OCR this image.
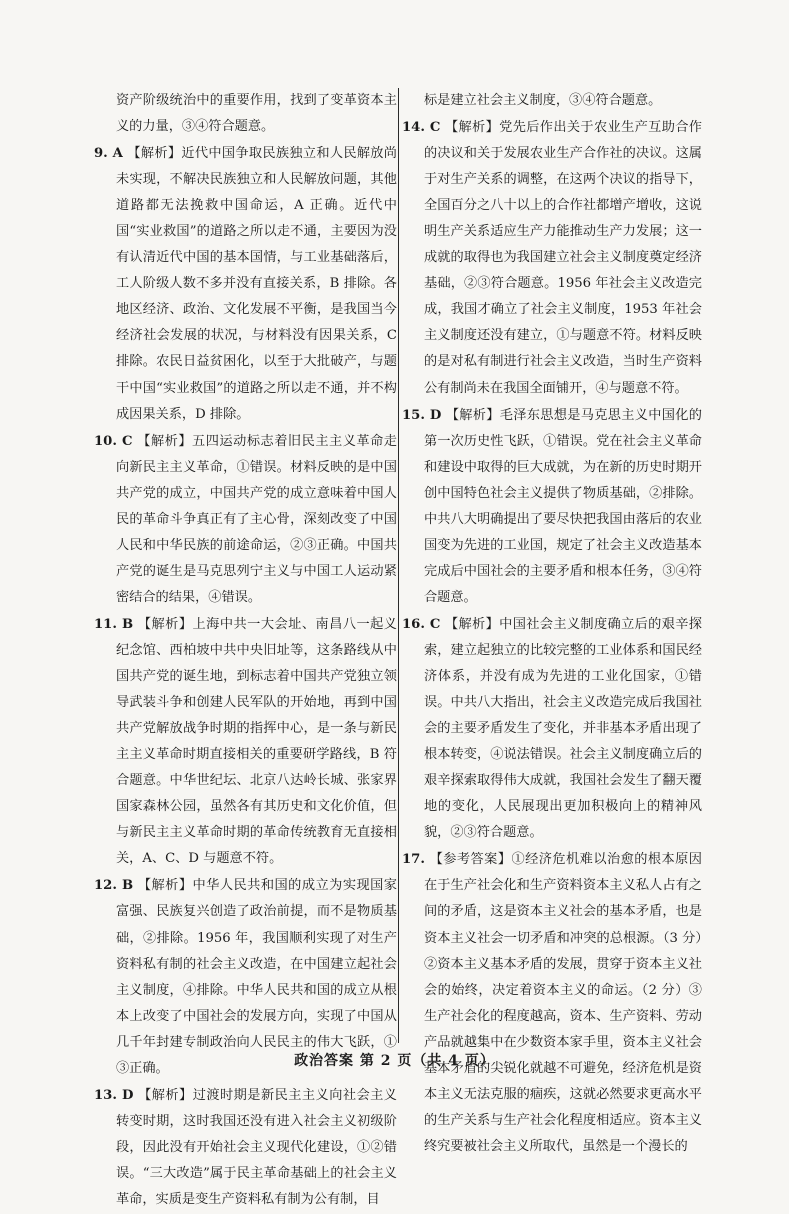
资产阶级统治中的重要作用，找到了变革资本主义的力量，③④符合题意。
9. A 【解析】近代中国争取民族独立和人民解放尚未实现，不解决民族独立和人民解放问题，其他道路都无法挽救中国命运，A 正确。近代中国“实业救国”的道路之所以走不通，主要因为没有认清近代中国的基本国情，与工业基础落后，工人阶级人数不多并没有直接关系，B 排除。各地区经济、政治、文化发展不平衡，是我国当今经济社会发展的状况，与材料没有因果关系，C 排除。农民日益贫困化，以至于大批破产，与题干中国“实业救国”的道路之所以走不通，并不构成因果关系，D 排除。
10. C 【解析】五四运动标志着旧民主主义革命走向新民主主义革命，①错误。材料反映的是中国共产党的成立，中国共产党的成立意味着中国人民的革命斗争真正有了主心骨，深刻改变了中国人民和中华民族的前途命运，②③正确。中国共产党的诞生是马克思列宁主义与中国工人运动紧密结合的结果，④错误。
11. B 【解析】上海中共一大会址、南昌八一起义纪念馆、西柏坡中共中央旧址等，这条路线从中国共产党的诞生地，到标志着中国共产党独立领导武装斗争和创建人民军队的开始地，再到中国共产党解放战争时期的指挥中心，是一条与新民主主义革命时期直接相关的重要研学路线，B 符合题意。中华世纪坛、北京八达岭长城、张家界国家森林公园，虽然各有其历史和文化价值，但与新民主主义革命时期的革命传统教育无直接相关，A、C、D 与题意不符。
12. B 【解析】中华人民共和国的成立为实现国家富强、民族复兴创造了政治前提，而不是物质基础，②排除。1956 年，我国顺利实现了对生产资料私有制的社会主义改造，在中国建立起社会主义制度，④排除。中华人民共和国的成立从根本上改变了中国社会的发展方向，实现了中国从几千年封建专制政治向人民民主的伟大飞跃，①③正确。
13. D 【解析】过渡时期是新民主主义向社会主义转变时期，这时我国还没有进入社会主义初级阶段，因此没有开始社会主义现代化建设，①②错误。“三大改造”属于民主革命基础上的社会主义革命，实质是变生产资料私有制为公有制，目
标是建立社会主义制度，③④符合题意。
14. C 【解析】党先后作出关于农业生产互助合作的决议和关于发展农业生产合作社的决议。这属于对生产关系的调整，在这两个决议的指导下，全国百分之八十以上的合作社都增产增收，这说明生产关系适应生产力能推动生产力发展；这一成就的取得也为我国建立社会主义制度奠定经济基础，②③符合题意。1956 年社会主义改造完成，我国才确立了社会主义制度，1953 年社会主义制度还没有建立，①与题意不符。材料反映的是对私有制进行社会主义改造，当时生产资料公有制尚未在我国全面铺开，④与题意不符。
15. D 【解析】毛泽东思想是马克思主义中国化的第一次历史性飞跃，①错误。党在社会主义革命和建设中取得的巨大成就，为在新的历史时期开创中国特色社会主义提供了物质基础，②排除。中共八大明确提出了要尽快把我国由落后的农业国变为先进的工业国，规定了社会主义改造基本完成后中国社会的主要矛盾和根本任务，③④符合题意。
16. C 【解析】中国社会主义制度确立后的艰辛探索，建立起独立的比较完整的工业体系和国民经济体系，并没有成为先进的工业化国家，①错误。中共八大指出，社会主义改造完成后我国社会的主要矛盾发生了变化，并非基本矛盾出现了根本转变，④说法错误。社会主义制度确立后的艰辛探索取得伟大成就，我国社会发生了翻天覆地的变化，人民展现出更加积极向上的精神风貌，②③符合题意。
17. 【参考答案】①经济危机难以治愈的根本原因在于生产社会化和生产资料资本主义私人占有之间的矛盾，这是资本主义社会的基本矛盾，也是资本主义社会一切矛盾和冲突的总根源。（3 分）②资本主义基本矛盾的发展，贯穿于资本主义社会的始终，决定着资本主义的命运。（2 分）③生产社会化的程度越高，资本、生产资料、劳动产品就越集中在少数资本家手里，资本主义社会基本矛盾的尖锐化就越不可避免，经济危机是资本主义无法克服的痼疾，这就必然要求更高水平的生产关系与生产社会化程度相适应。资本主义终究要被社会主义所取代，虽然是一个漫长的
政治答案 第 2 页（共 4 页）
